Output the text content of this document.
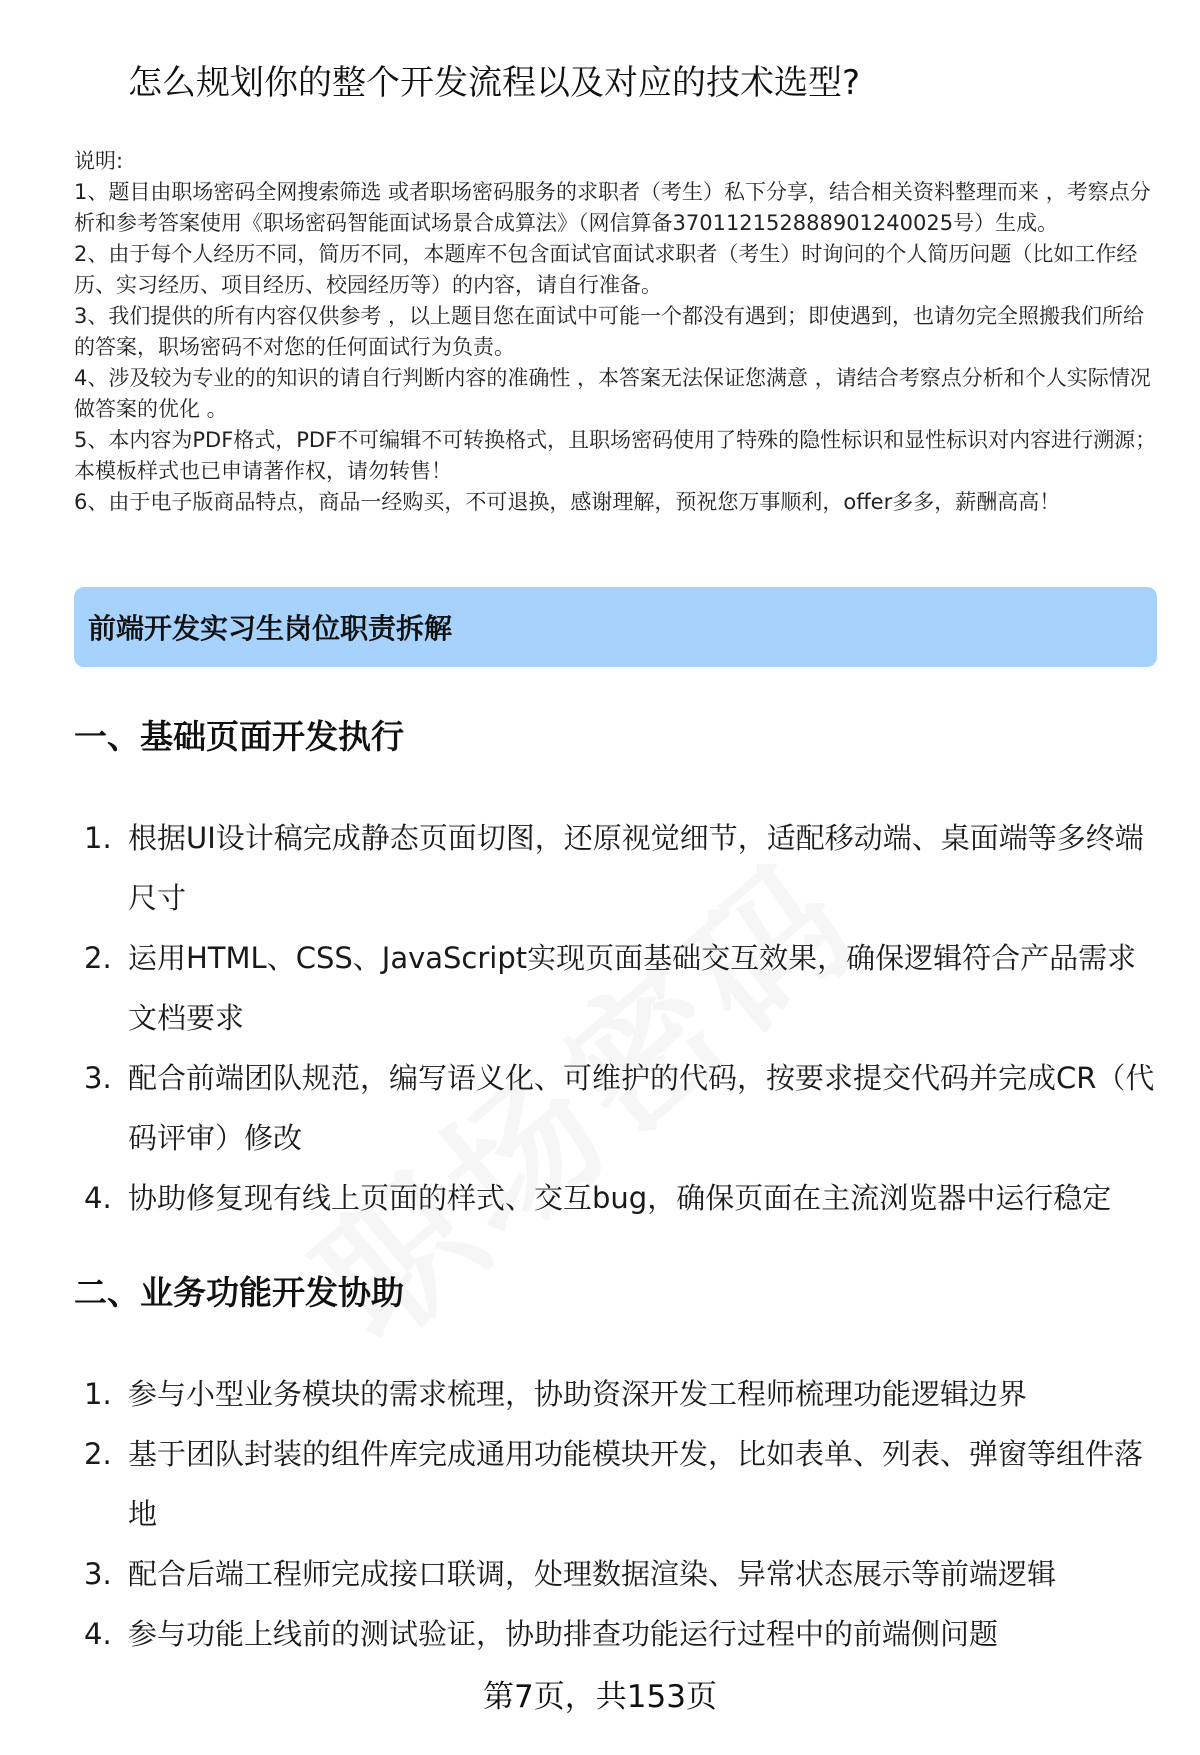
怎么规划你的整个开发流程以及对应的技术选型?

说明:

1、题目由职场密码全网搜索筛选 或者职场密码服务的求职者（考生）私下分享，结合相关资料整理而来 ，考察点分析和参考答案使用《职场密码智能面试场景合成算法》（网信算备370112152888901240025号）生成。

2、由于每个人经历不同，简历不同，本题库不包含面试官面试求职者（考生）时询问的个人简历问题（比如工作经历、实习经历、项目经历、校园经历等）的内容，请自行准备。

3、我们提供的所有内容仅供参考 ，以上题目您在面试中可能一个都没有遇到；即使遇到，也请勿完全照搬我们所给的答案，职场密码不对您的任何面试行为负责。

4、涉及较为专业的的知识的请自行判断内容的准确性 ，本答案无法保证您满意 ，请结合考察点分析和个人实际情况做答案的优化 。

5、本内容为PDF格式，PDF不可编辑不可转换格式，且职场密码使用了特殊的隐性标识和显性标识对内容进行溯源；本模板样式也已申请著作权，请勿转售！

6、由于电子版商品特点，商品一经购买，不可退换，感谢理解，预祝您万事顺利，offer多多，薪酬高高！

前端开发实习生岗位职责拆解
一、基础页面开发执行
1. 根据UI设计稿完成静态页面切图，还原视觉细节，适配移动端、桌面端等多终端尺寸
2. 运用HTML、CSS、JavaScript实现页面基础交互效果，确保逻辑符合产品需求文档要求
3. 配合前端团队规范，编写语义化、可维护的代码，按要求提交代码并完成CR（代码评审）修改
4. 协助修复现有线上页面的样式、交互bug，确保页面在主流浏览器中运行稳定
二、业务功能开发协助
1. 参与小型业务模块的需求梳理，协助资深开发工程师梳理功能逻辑边界
2. 基于团队封装的组件库完成通用功能模块开发，比如表单、列表、弹窗等组件落地
3. 配合后端工程师完成接口联调，处理数据渲染、异常状态展示等前端逻辑
4. 参与功能上线前的测试验证，协助排查功能运行过程中的前端侧问题
第7页，共153页
